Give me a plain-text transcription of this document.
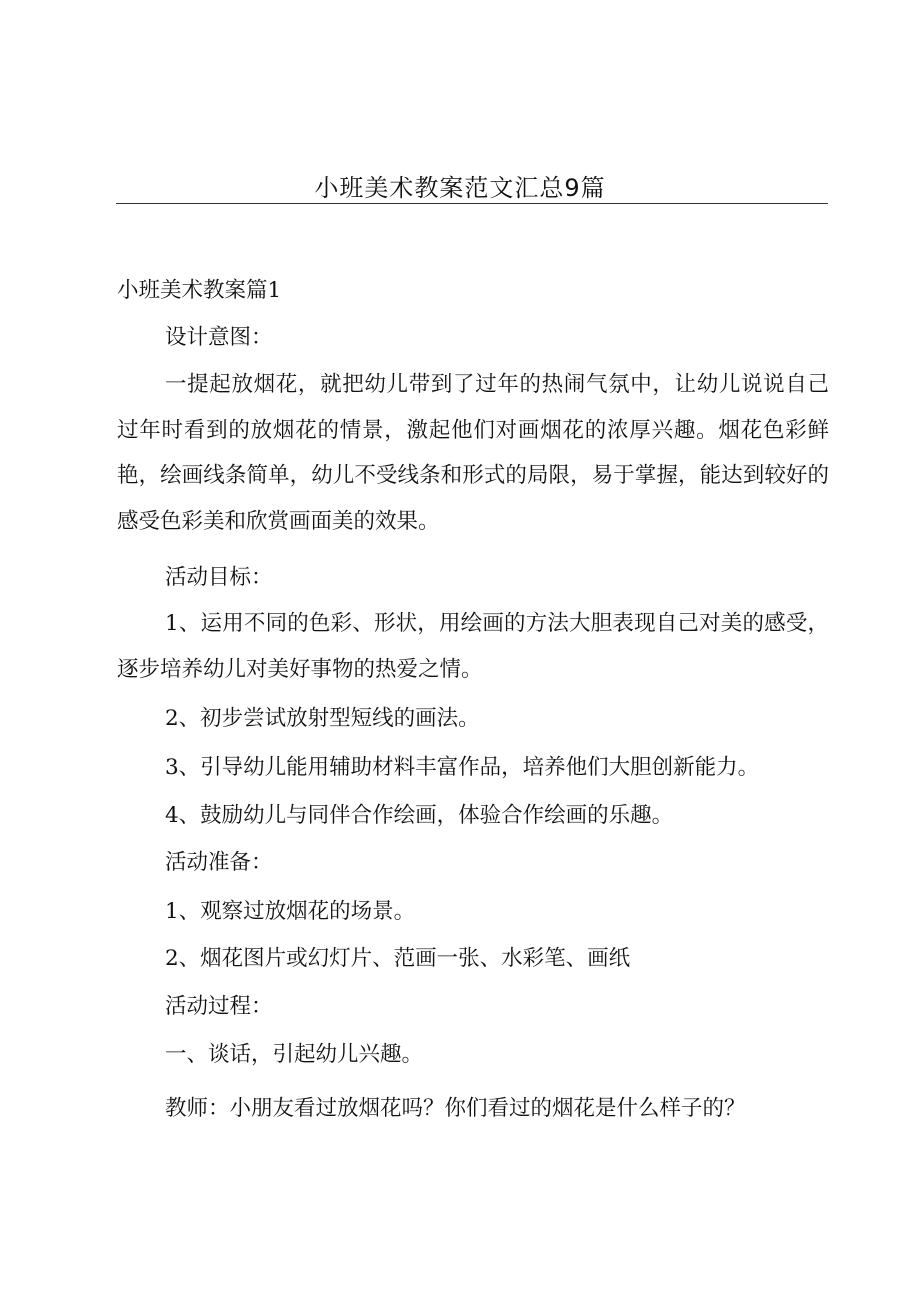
小班美术教案范文汇总9篇
小班美术教案篇1
设计意图：
一提起放烟花，就把幼儿带到了过年的热闹气氛中，让幼儿说说自己过年时看到的放烟花的情景，激起他们对画烟花的浓厚兴趣。烟花色彩鲜艳，绘画线条简单，幼儿不受线条和形式的局限，易于掌握，能达到较好的感受色彩美和欣赏画面美的效果。
活动目标：
1、运用不同的色彩、形状，用绘画的方法大胆表现自己对美的感受，逐步培养幼儿对美好事物的热爱之情。
2、初步尝试放射型短线的画法。
3、引导幼儿能用辅助材料丰富作品，培养他们大胆创新能力。
4、鼓励幼儿与同伴合作绘画，体验合作绘画的乐趣。
活动准备：
1、观察过放烟花的场景。
2、烟花图片或幻灯片、范画一张、水彩笔、画纸
活动过程：
一、谈话，引起幼儿兴趣。
教师：小朋友看过放烟花吗？你们看过的烟花是什么样子的？
